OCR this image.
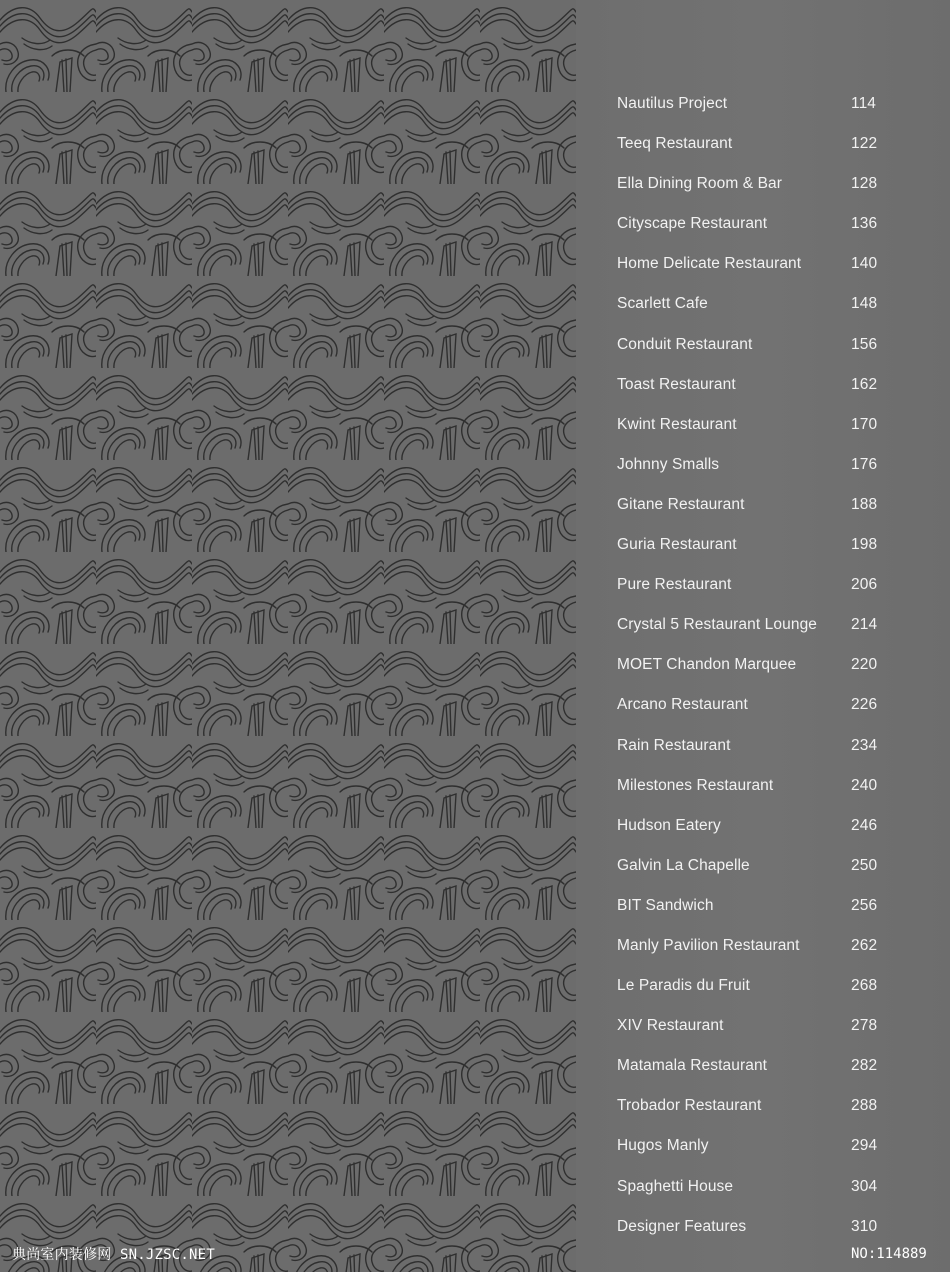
Nautilus Project	114
Teeq Restaurant	122
Ella Dining Room & Bar	128
Cityscape Restaurant	136
Home Delicate Restaurant	140
Scarlett Cafe	148
Conduit Restaurant	156
Toast Restaurant	162
Kwint Restaurant	170
Johnny Smalls	176
Gitane Restaurant	188
Guria Restaurant	198
Pure Restaurant	206
Crystal 5 Restaurant Lounge 214
MOET Chandon Marquee	220
Arcano Restaurant	226
Rain Restaurant	234
Milestones Restaurant	240
Hudson Eatery	246
Galvin La Chapelle	250
BIT Sandwich	256
Manly Pavilion Restaurant	262
Le Paradis du Fruit	268
XIV Restaurant	278
Matamala Restaurant	282
Trobador Restaurant	288
Hugos Manly	294
Spaghetti House	304
Designer Features	310
典尚室内装修网 SN.JZSC.NET	NO:114889
